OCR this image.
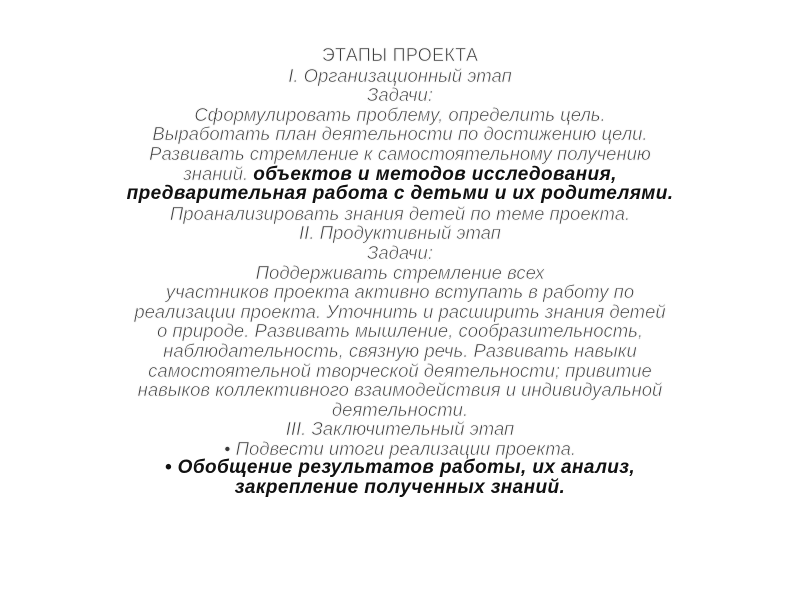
ЭТАПЫ ПРОЕКТА
I. Организационный этап
Задачи:
Сформулировать проблему, определить цель.
Выработать план деятельности по достижению цели.
Развивать стремление к самостоятельному получению
знаний. объектов и методов исследования,
предварительная работа с детьми и их родителями.
Проанализировать знания детей по теме проекта.
II. Продуктивный этап
Задачи:
Поддерживать стремление всех
участников проекта активно вступать в работу по
реализации проекта. Уточнить и расширить знания детей
о природе. Развивать мышление, сообразительность,
наблюдательность, связную речь. Развивать навыки
самостоятельной творческой деятельности; привитие
навыков коллективного взаимодействия и индивидуальной
деятельности.
III. Заключительный этап
• Подвести итоги реализации проекта.
• Обобщение результатов работы, их анализ,
закрепление полученных знаний.
